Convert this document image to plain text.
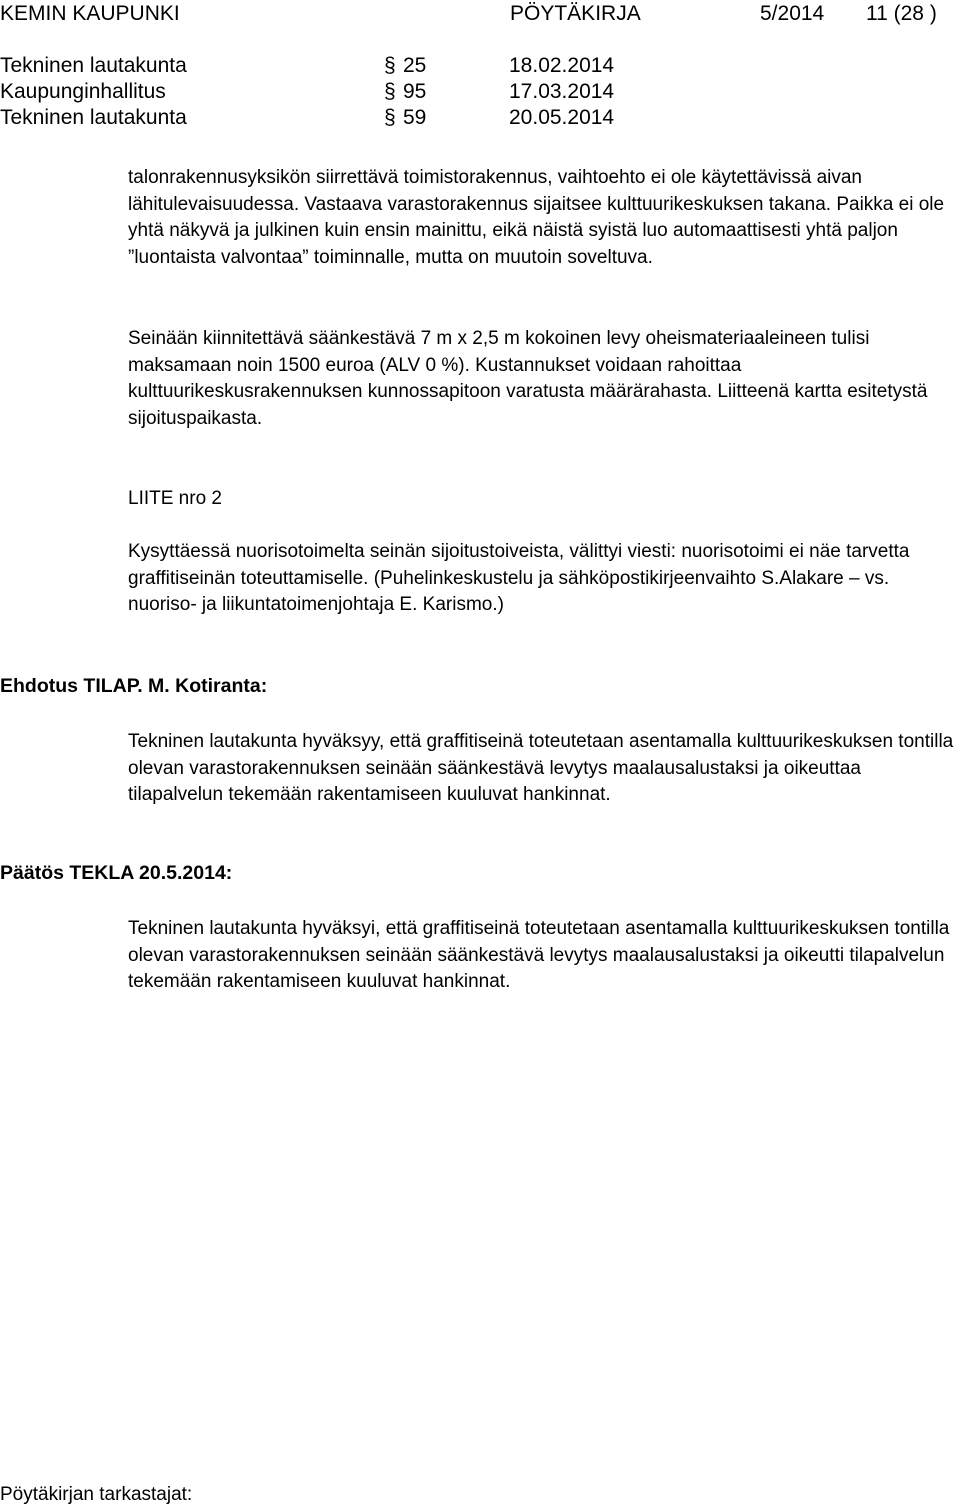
KEMIN KAUPUNKI	PÖYTÄKIRJA	5/2014 11 (28 )
Tekninen lautakunta	§ 25	18.02.2014
Kaupunginhallitus	§ 95	17.03.2014
Tekninen lautakunta	§ 59	20.05.2014
talonrakennusyksikön siirrettävä toimistorakennus, vaihtoehto ei ole käytettävissä aivan lähitulevaisuudessa. Vastaava varastorakennus sijaitsee kulttuurikeskuksen takana. Paikka ei ole yhtä näkyvä ja julkinen kuin ensin mainittu, eikä näistä syistä luo automaattisesti yhtä paljon ”luontaista valvontaa” toiminnalle, mutta on muutoin soveltuva.
Seinään kiinnitettävä säänkestävä 7 m x 2,5 m kokoinen levy oheismateriaaleineen tulisi maksamaan noin 1500 euroa (ALV 0 %). Kustannukset voidaan rahoittaa kulttuurikeskusrakennuksen kunnossapitoon varatusta määrärahasta. Liitteenä kartta esitetystä sijoituspaikasta.
LIITE nro 2
Kysyttäessä nuorisotoimelta seinän sijoitustoiveista, välittyi viesti: nuorisotoimi ei näe tarvetta graffitiseinän toteuttamiselle. (Puhelinkeskustelu ja sähköpostikirjeenvaihto S.Alakare – vs. nuoriso- ja liikuntatoimenjohtaja E. Karismo.)
Ehdotus TILAP. M. Kotiranta:
Tekninen lautakunta hyväksyy, että graffitiseinä toteutetaan asentamalla kulttuurikeskuksen tontilla olevan varastorakennuksen seinään säänkestävä levytys maalausalustaksi ja oikeuttaa tilapalvelun tekemään rakentamiseen kuuluvat hankinnat.
Päätös TEKLA 20.5.2014:
Tekninen lautakunta hyväksyi, että graffitiseinä toteutetaan asentamalla kulttuurikeskuksen tontilla olevan varastorakennuksen seinään säänkestävä levytys maalausalustaksi ja oikeutti tilapalvelun tekemään rakentamiseen kuuluvat hankinnat.
Pöytäkirjan tarkastajat:
